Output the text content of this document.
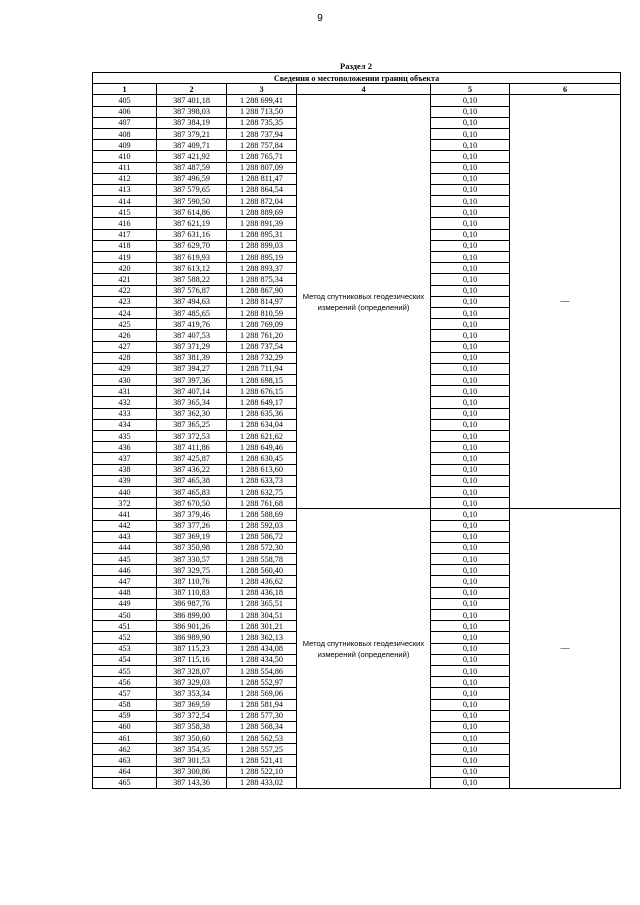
9
Раздел 2
Сведения о местоположении границ объекта					
1	2	3	4	5	6
405	387 401,18	1 288 699,41	Метод спутниковых геодезических измерений (определений)	0,10	—
406	387 398,03	1 288 713,50		0,10	
407	387 384,19	1 288 735,35		0,10	
408	387 379,21	1 288 737,94		0,10	
409	387 409,71	1 288 757,84		0,10	
410	387 421,92	1 288 765,71		0,10	
411	387 487,59	1 288 807,09		0,10	
412	387 496,59	1 288 811,47		0,10	
413	387 579,65	1 288 864,54		0,10	
414	387 590,50	1 288 872,04		0,10	
415	387 614,86	1 288 889,69		0,10	
416	387 621,19	1 288 891,39		0,10	
417	387 631,16	1 288 895,31		0,10	
418	387 629,70	1 288 899,03		0,10	
419	387 619,93	1 288 895,19		0,10	
420	387 613,12	1 288 893,37		0,10	
421	387 588,22	1 288 875,34		0,10	
422	387 576,87	1 288 867,90		0,10	
423	387 494,63	1 288 814,97		0,10	
424	387 485,65	1 288 810,59		0,10	
425	387 419,76	1 288 769,09		0,10	
426	387 407,53	1 288 761,20		0,10	
427	387 371,29	1 288 737,54		0,10	
428	387 381,39	1 288 732,29		0,10	
429	387 394,27	1 288 711,94		0,10	
430	387 397,36	1 288 698,15		0,10	
431	387 407,14	1 288 676,15		0,10	
432	387 365,34	1 288 649,17		0,10	
433	387 362,30	1 288 635,36		0,10	
434	387 365,25	1 288 634,04		0,10	
435	387 372,53	1 288 621,62		0,10	
436	387 411,86	1 288 649,46		0,10	
437	387 425,87	1 288 630,45		0,10	
438	387 436,22	1 288 613,60		0,10	
439	387 465,38	1 288 633,73		0,10	
440	387 465,83	1 288 632,75		0,10	
372	387 670,50	1 288 761,68		0,10	
441	387 379,46	1 288 588,69	Метод спутниковых геодезических измерений (определений)	0,10	—
442	387 377,26	1 288 592,03		0,10	
443	387 369,19	1 288 586,72		0,10	
444	387 350,98	1 288 572,30		0,10	
445	387 330,57	1 288 558,78		0,10	
446	387 329,75	1 288 560,40		0,10	
447	387 110,76	1 288 436,62		0,10	
448	387 110,83	1 288 436,18		0,10	
449	386 987,76	1 288 365,51		0,10	
450	386 899,00	1 288 304,51		0,10	
451	386 901,26	1 288 301,21		0,10	
452	386 989,90	1 288 362,13		0,10	
453	387 115,23	1 288 434,08		0,10	
454	387 115,16	1 288 434,50		0,10	
455	387 328,07	1 288 554,86		0,10	
456	387 329,03	1 288 552,97		0,10	
457	387 353,34	1 288 569,06		0,10	
458	387 369,59	1 288 581,94		0,10	
459	387 372,54	1 288 577,30		0,10	
460	387 358,38	1 288 568,34		0,10	
461	387 350,60	1 288 562,53		0,10	
462	387 354,35	1 288 557,25		0,10	
463	387 301,53	1 288 521,41		0,10	
464	387 300,86	1 288 522,10		0,10	
465	387 143,36	1 288 433,02		0,10	
